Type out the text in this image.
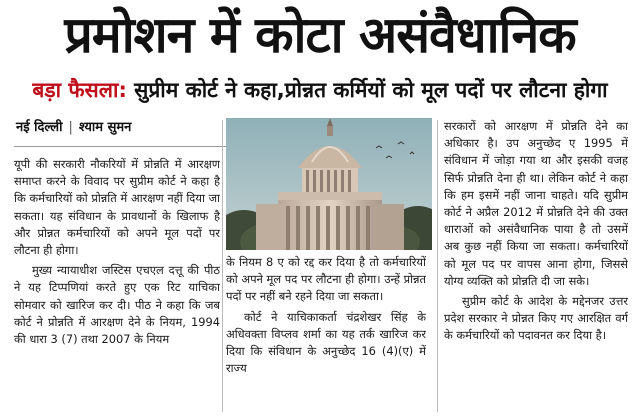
प्रमोशन में कोटा असंवैधानिक
बड़ा फैसला: सुप्रीम कोर्ट ने कहा,प्रोन्नत कर्मियों को मूल पदों पर लौटना होगा
नई दिल्ली | श्याम सुमन

यूपी की सरकारी नौकरियों में प्रोन्नति में आरक्षण समाप्त करने के विवाद पर सुप्रीम कोर्ट ने कहा है कि कर्मचारियों को प्रोन्नति में आरक्षण नहीं दिया जा सकता। यह संविधान के प्रावधानों के खिलाफ है और प्रोन्नत कर्मचारियों को अपने मूल पदों पर लौटना ही होगा।

मुख्य न्यायाधीश जस्टिस एचएल दत्तू की पीठ ने यह टिप्पणियां करते हुए एक रिट याचिका सोमवार को खारिज कर दी। पीठ ने कहा कि जब कोर्ट ने प्रोन्नति में आरक्षण देने के नियम, 1994 की धारा 3 (7) तथा 2007 के नियम

के नियम 8 ए को रद्द कर दिया है तो कर्मचारियों को अपने मूल पद पर लौटना ही होगा। उन्हें प्रोन्नत पदों पर नहीं बने रहने दिया जा सकता।

कोर्ट ने याचिकाकर्ता चंद्रशेखर सिंह के अधिवक्ता विप्लव शर्मा का यह तर्क खारिज कर दिया कि संविधान के अनुच्छेद 16 (4)(ए) में राज्य

सरकारों को आरक्षण में प्रोन्नति देने का अधिकार है। उप अनुच्छेद ए 1995 में संविधान में जोड़ा गया था और इसकी वजह सिर्फ प्रोन्नति देना ही था। लेकिन कोर्ट ने कहा कि हम इसमें नहीं जाना चाहते। यदि सुप्रीम कोर्ट ने अप्रैल 2012 में प्रोन्नति देने की उक्त धाराओं को असंवैधानिक पाया है तो उसमें अब कुछ नहीं किया जा सकता। कर्मचारियों को मूल पद पर वापस आना होगा, जिससे योग्य व्यक्ति को प्रोन्नति दी जा सके।

सुप्रीम कोर्ट के आदेश के मद्देनजर उत्तर प्रदेश सरकार ने प्रोन्नत किए गए आरक्षित वर्ग के कर्मचारियों को पदावनत कर दिया है।
